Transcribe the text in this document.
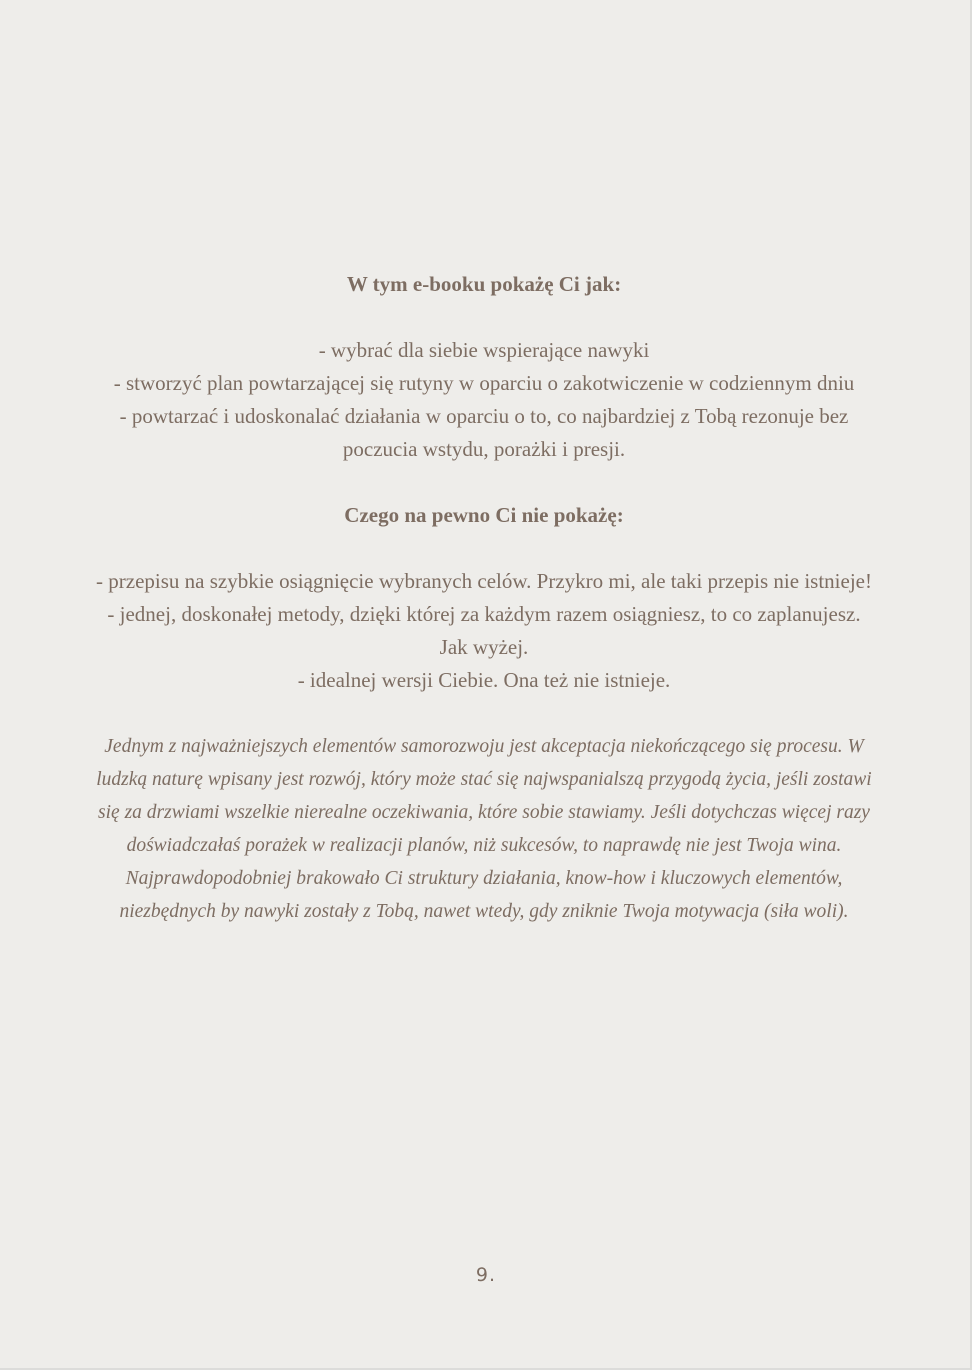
W tym e-booku pokażę Ci jak:

- wybrać dla siebie wspierające nawyki

- stworzyć plan powtarzającej się rutyny w oparciu o zakotwiczenie w codziennym dniu

- powtarzać i udoskonalać działania w oparciu o to, co najbardziej z Tobą rezonuje bez poczucia wstydu, porażki i presji.

Czego na pewno Ci nie pokażę:

- przepisu na szybkie osiągnięcie wybranych celów. Przykro mi, ale taki przepis nie istnieje!

- jednej, doskonałej metody, dzięki której za każdym razem osiągniesz, to co zaplanujesz. Jak wyżej.

- idealnej wersji Ciebie. Ona też nie istnieje.

Jednym z najważniejszych elementów samorozwoju jest akceptacja niekończącego się procesu. W ludzką naturę wpisany jest rozwój, który może stać się najwspanialszą przygodą życia, jeśli zostawi się za drzwiami wszelkie nierealne oczekiwania, które sobie stawiamy. Jeśli dotychczas więcej razy doświadczałaś porażek w realizacji planów, niż sukcesów, to naprawdę nie jest Twoja wina. Najprawdopodobniej brakowało Ci struktury działania, know-how i kluczowych elementów, niezbędnych by nawyki zostały z Tobą, nawet wtedy, gdy zniknie Twoja motywacja (siła woli).

9.
